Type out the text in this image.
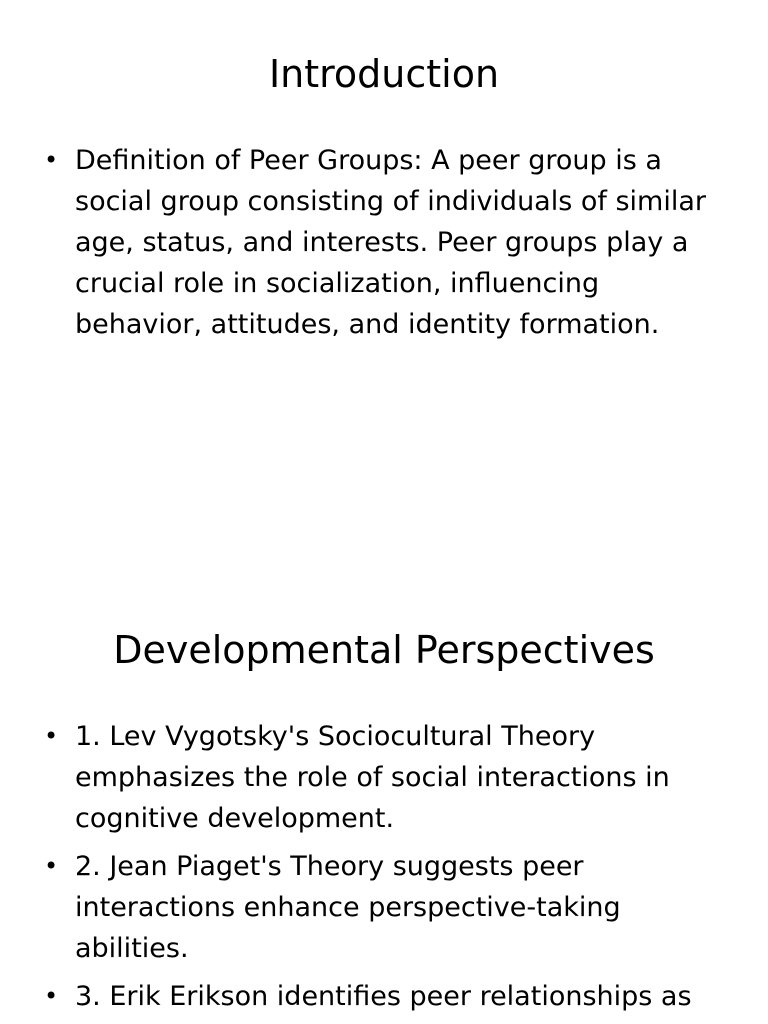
Introduction
• Definition of Peer Groups: A peer group is a social group consisting of individuals of similar age, status, and interests. Peer groups play a crucial role in socialization, influencing behavior, attitudes, and identity formation.
Developmental Perspectives
• 1. Lev Vygotsky's Sociocultural Theory emphasizes the role of social interactions in cognitive development.
• 2. Jean Piaget's Theory suggests peer interactions enhance perspective-taking abilities.
• 3. Erik Erikson identifies peer relationships as
